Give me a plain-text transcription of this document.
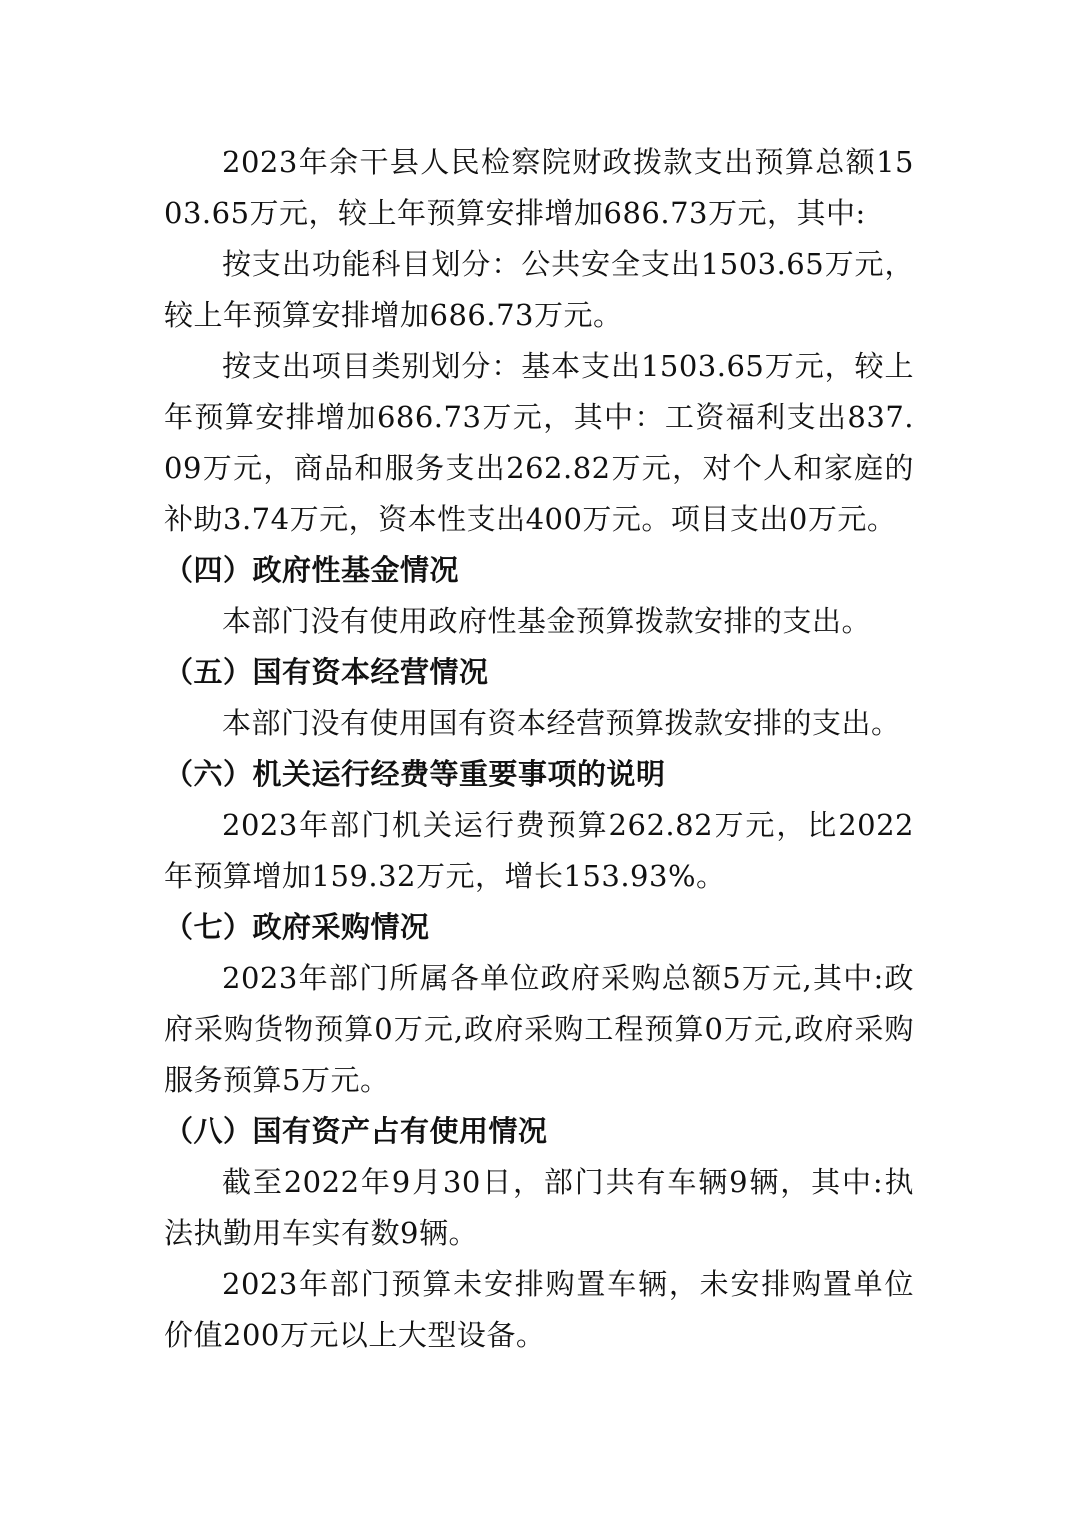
2023年余干县人民检察院财政拨款支出预算总额1503.65万元，较上年预算安排增加686.73万元，其中:

按支出功能科目划分：公共安全支出1503.65万元，较上年预算安排增加686.73万元。

按支出项目类别划分：基本支出1503.65万元，较上年预算安排增加686.73万元，其中：工资福利支出837.09万元，商品和服务支出262.82万元，对个人和家庭的补助3.74万元，资本性支出400万元。项目支出0万元。

（四）政府性基金情况

本部门没有使用政府性基金预算拨款安排的支出。

（五）国有资本经营情况

本部门没有使用国有资本经营预算拨款安排的支出。

（六）机关运行经费等重要事项的说明

2023年部门机关运行费预算262.82万元，比2022年预算增加159.32万元，增长153.93%。

（七）政府采购情况

2023年部门所属各单位政府采购总额5万元,其中:政府采购货物预算0万元,政府采购工程预算0万元,政府采购服务预算5万元。

（八）国有资产占有使用情况

截至2022年9月30日，部门共有车辆9辆，其中:执法执勤用车实有数9辆。

2023年部门预算未安排购置车辆，未安排购置单位价值200万元以上大型设备。
